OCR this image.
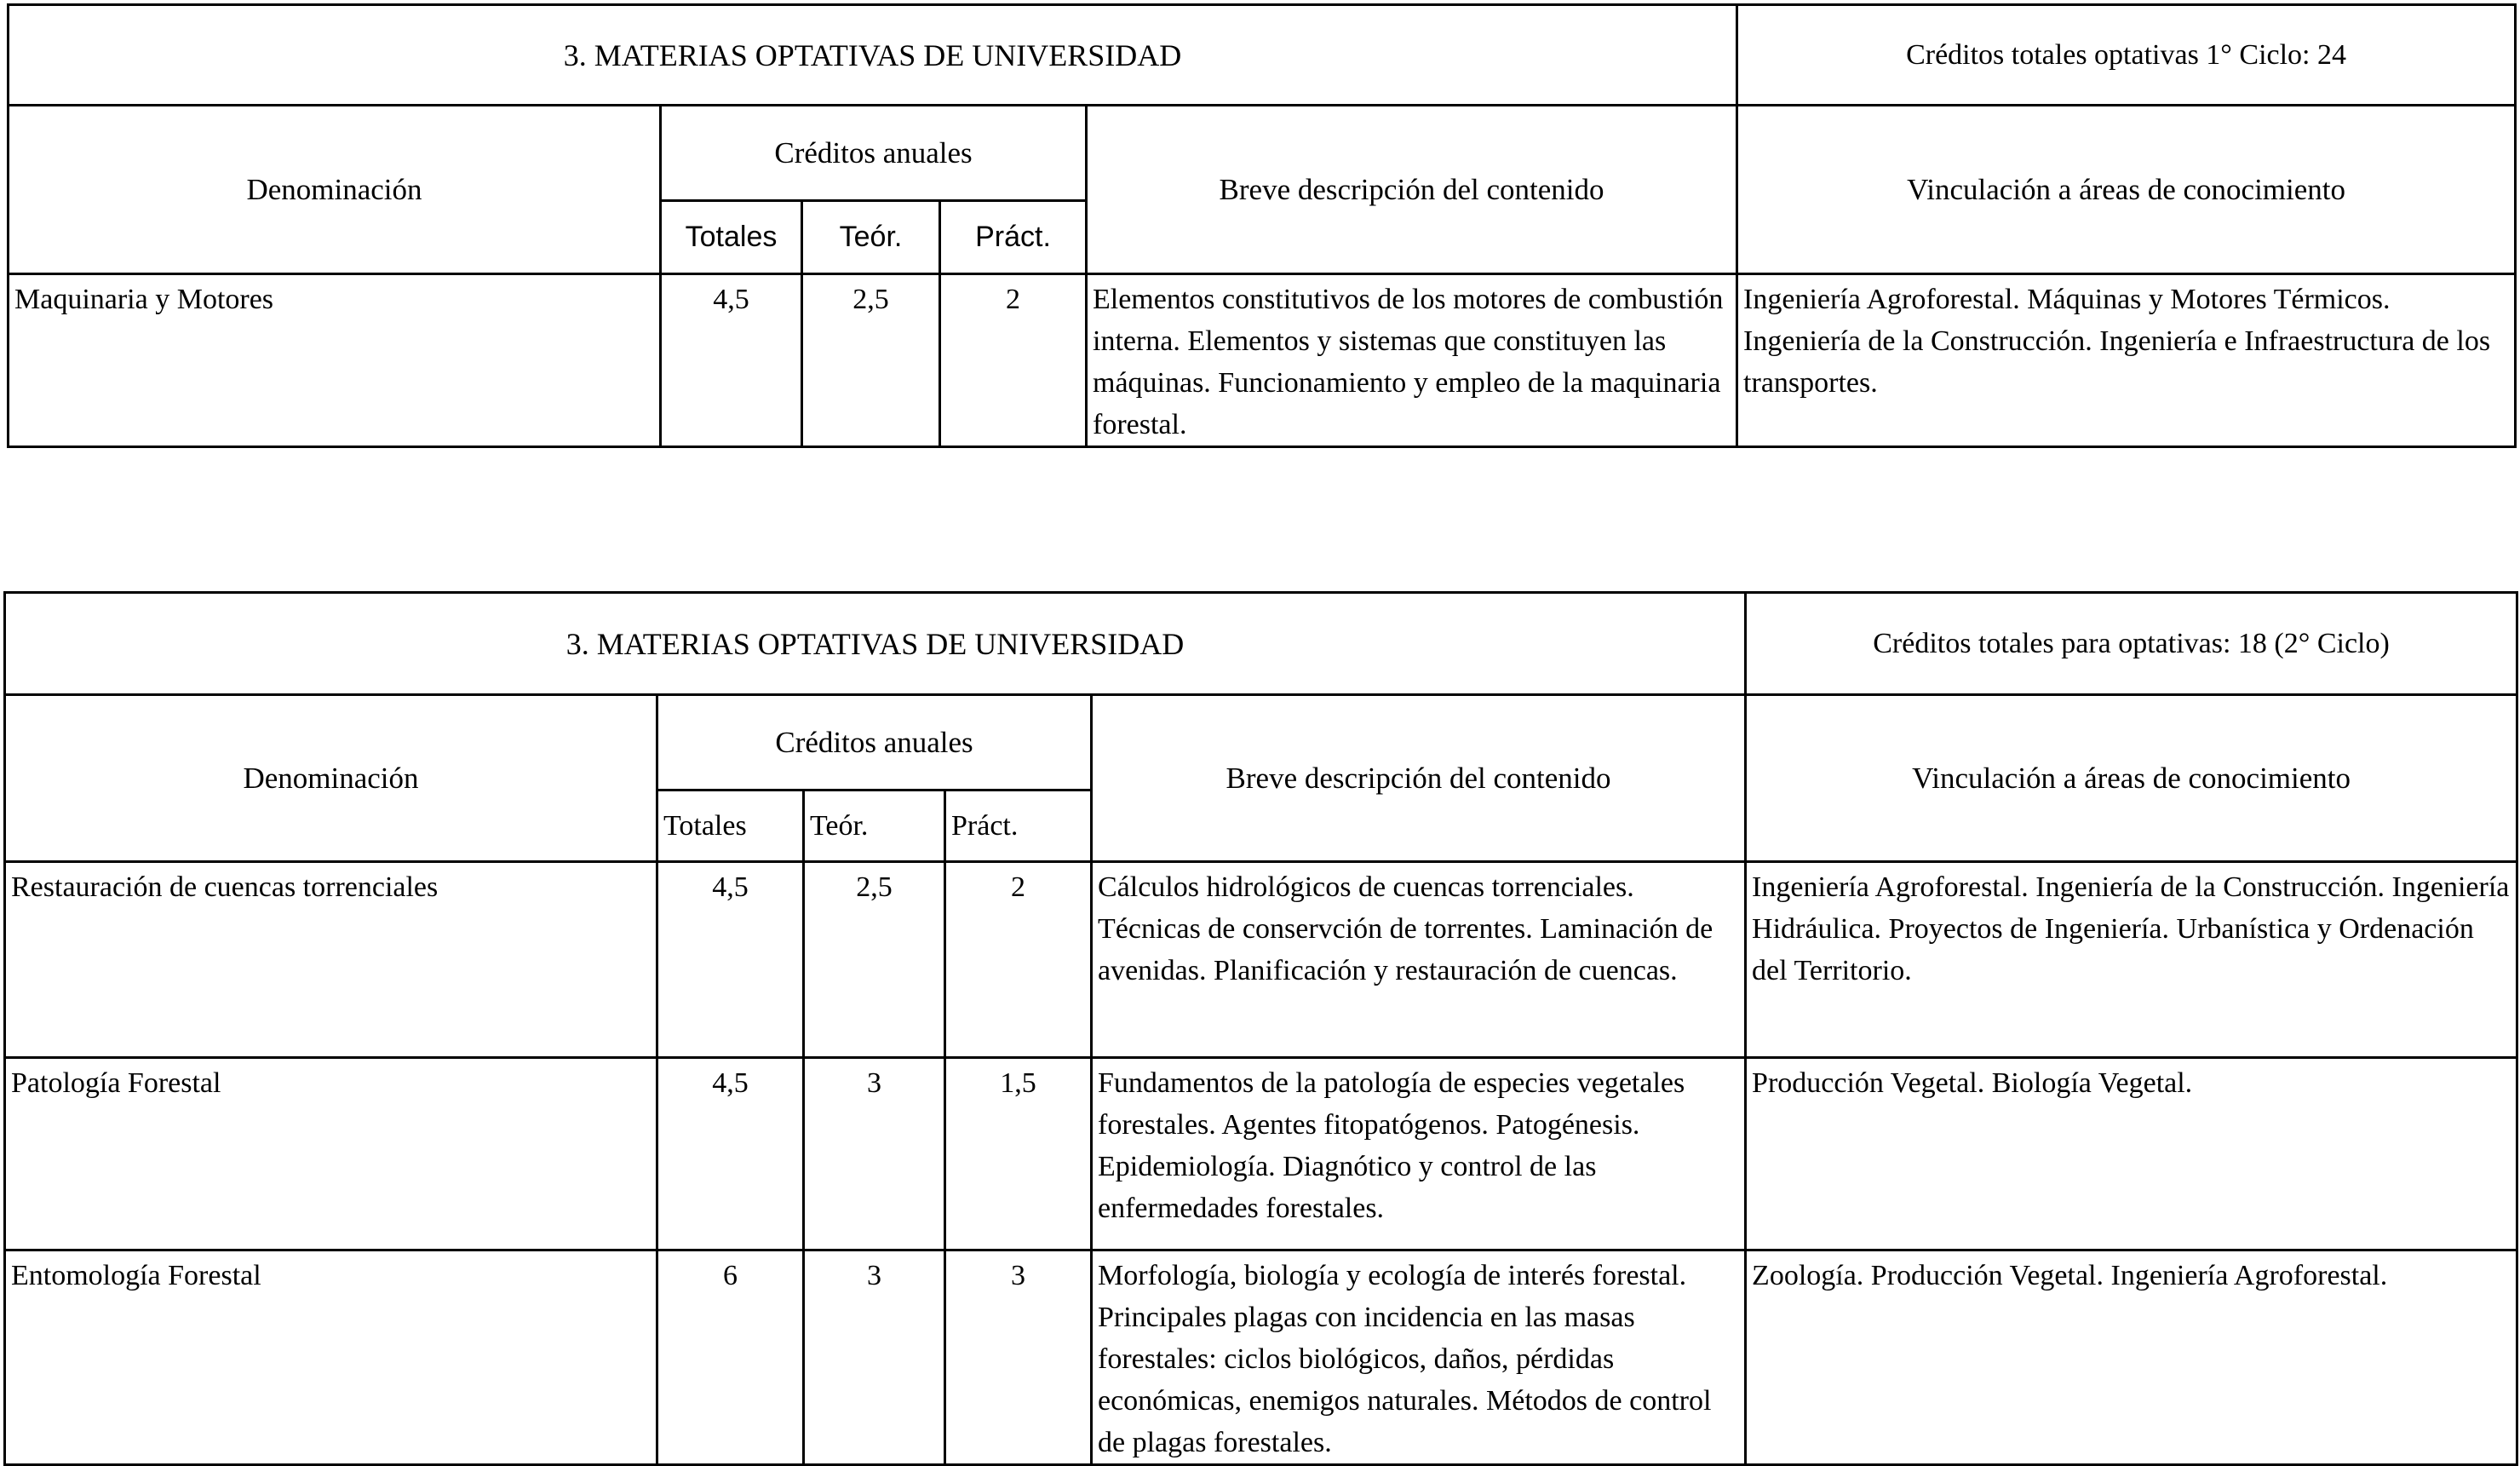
3. MATERIAS OPTATIVAS DE UNIVERSIDAD					Créditos totales optativas 1° Ciclo: 24
Denominación	Créditos anuales			Breve descripción del contenido	Vinculación a áreas de conocimiento
	Totales	Teór.	Práct.		
Maquinaria y Motores	4,5	2,5	2	Elementos constitutivos de los motores de combustión interna. Elementos y sistemas que constituyen las máquinas. Funcionamiento y empleo de la maquinaria forestal.	Ingeniería Agroforestal. Máquinas y Motores Térmicos. Ingeniería de la Construcción. Ingeniería e Infraestructura de los transportes.
3. MATERIAS OPTATIVAS DE UNIVERSIDAD					Créditos totales para optativas: 18 (2° Ciclo)
Denominación	Créditos anuales			Breve descripción del contenido	Vinculación a áreas de conocimiento
	Totales	Teór.	Práct.		
Restauración de cuencas torrenciales	4,5	2,5	2	Cálculos hidrológicos de cuencas torrenciales. Técnicas de conservción de torrentes. Laminación de avenidas. Planificación y restauración de cuencas.	Ingeniería Agroforestal. Ingeniería de la Construcción. Ingeniería Hidráulica. Proyectos de Ingeniería. Urbanística y Ordenación del Territorio.
Patología Forestal	4,5	3	1,5	Fundamentos de la patología de especies vegetales forestales. Agentes fitopatógenos. Patogénesis. Epidemiología. Diagnótico y control de las enfermedades forestales.	Producción Vegetal. Biología Vegetal.
Entomología Forestal	6	3	3	Morfología, biología y ecología de interés forestal. Principales plagas con incidencia en las masas forestales: ciclos biológicos, daños, pérdidas económicas, enemigos naturales. Métodos de control de plagas forestales.	Zoología. Producción Vegetal. Ingeniería Agroforestal.
